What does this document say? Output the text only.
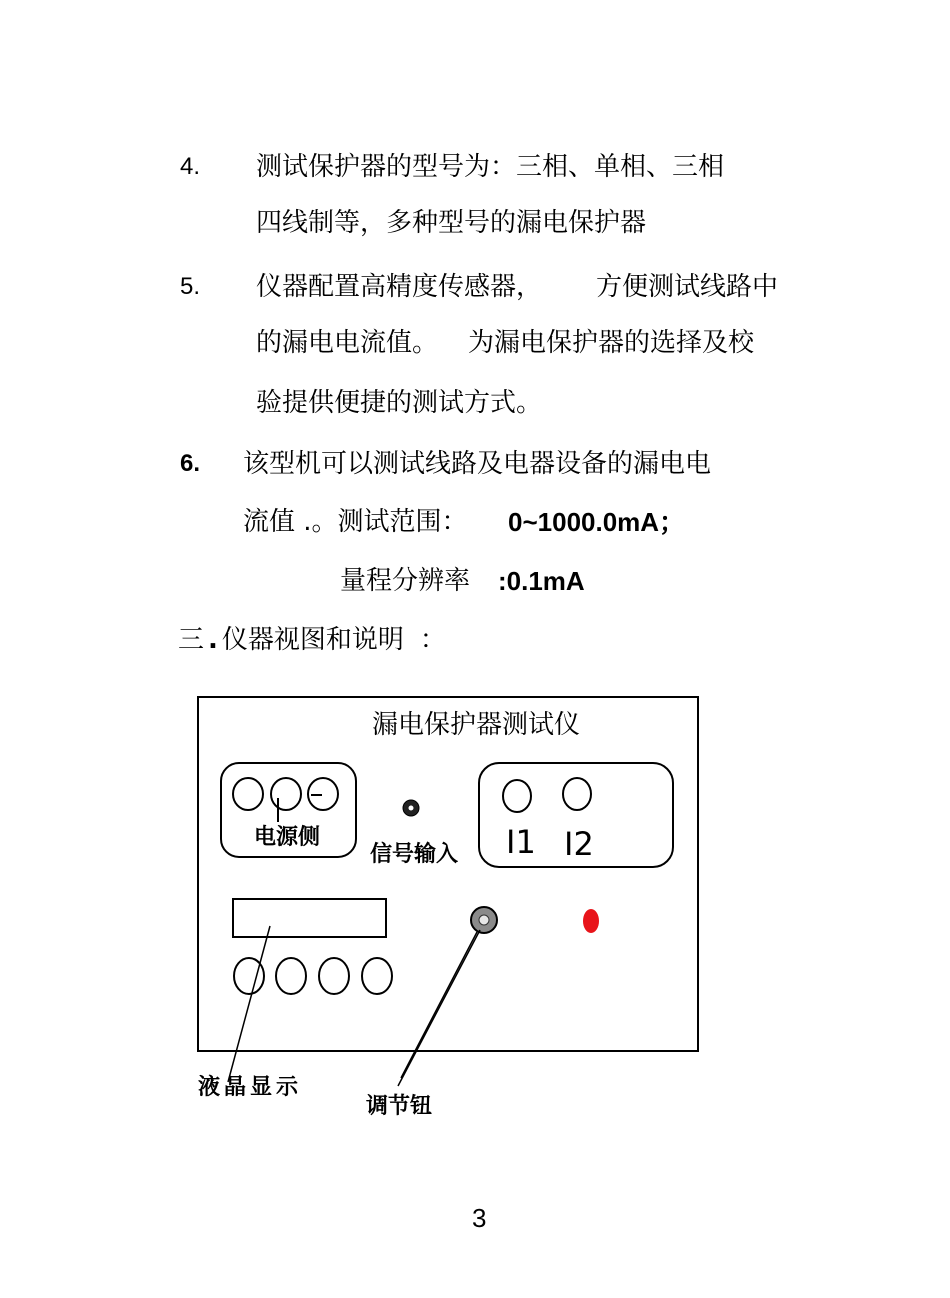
4. 测试保护器的型号为：三相、单相、三相
四线制等，多种型号的漏电保护器
5. 仪器配置高精度传感器， 方便测试线路中
的漏电电流值。 为漏电保护器的选择及校
验提供便捷的测试方式。
6. 该型机可以测试线路及电器设备的漏电电
流值 .。测试范围： 0~1000.0mA；
量程分辨率 :0.1mA
三 . 仪器视图和说明 ：
漏电保护器测试仪
电源侧
信号输入 I1 I2
液晶显示
调节钮
3
